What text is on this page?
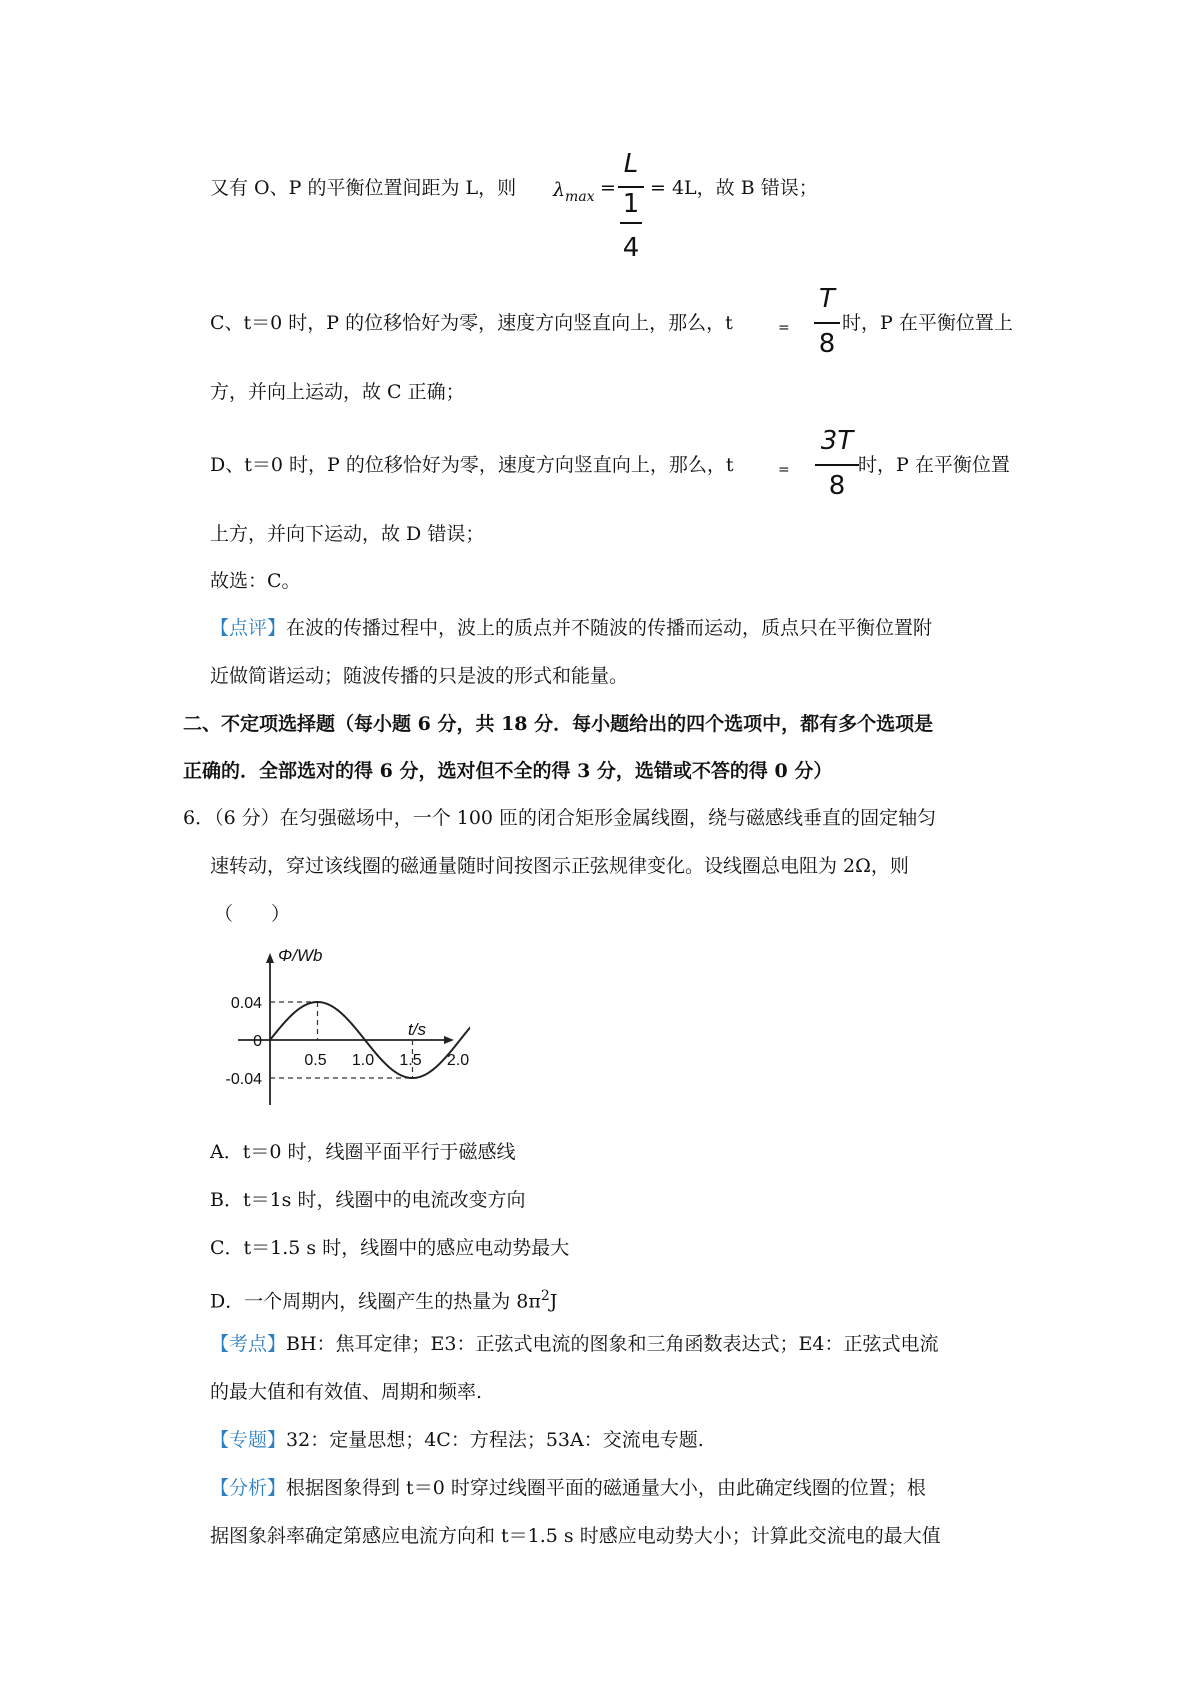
又有 O、P 的平衡位置间距为 L，则 $\lambda_{max}$ =
L
1
4
= 4L，故 B 错误；
C、t＝0 时，P 的位移恰好为零，速度方向竖直向上，那么，t	=
T
8
时，P 在平衡位置上
方，并向上运动，故 C 正确；
D、t＝0 时，P 的位移恰好为零，速度方向竖直向上，那么，t	=
3T
8
时，P 在平衡位置
上方，并向下运动，故 D 错误；
故选：C。
【点评】在波的传播过程中，波上的质点并不随波的传播而运动，质点只在平衡位置附
近做简谐运动；随波传播的只是波的形式和能量。
二、不定项选择题（每小题 6 分，共 18 分．每小题给出的四个选项中，都有多个选项是
正确的．全部选对的得 6 分，选对但不全的得 3 分，选错或不答的得 0 分）
6．（6 分）在匀强磁场中，一个 100 匝的闭合矩形金属线圈，绕与磁感线垂直的固定轴匀
速转动，穿过该线圈的磁通量随时间按图示正弦规律变化。设线圈总电阻为 2Ω，则
（　　）
Φ/Wb
t/s
0.04
0
-0.04
0.5 1.0 1.5 2.0
A．t＝0 时，线圈平面平行于磁感线
B．t＝1s 时，线圈中的电流改变方向
C．t＝1.5 s 时，线圈中的感应电动势最大
D．一个周期内，线圈产生的热量为 $8\pi^2J$
【考点】BH：焦耳定律；E3：正弦式电流的图象和三角函数表达式；E4：正弦式电流
的最大值和有效值、周期和频率.
【专题】32：定量思想；4C：方程法；53A：交流电专题.
【分析】根据图象得到 t＝0 时穿过线圈平面的磁通量大小，由此确定线圈的位置；根
据图象斜率确定第感应电流方向和 t＝1.5 s 时感应电动势大小；计算此交流电的最大值
